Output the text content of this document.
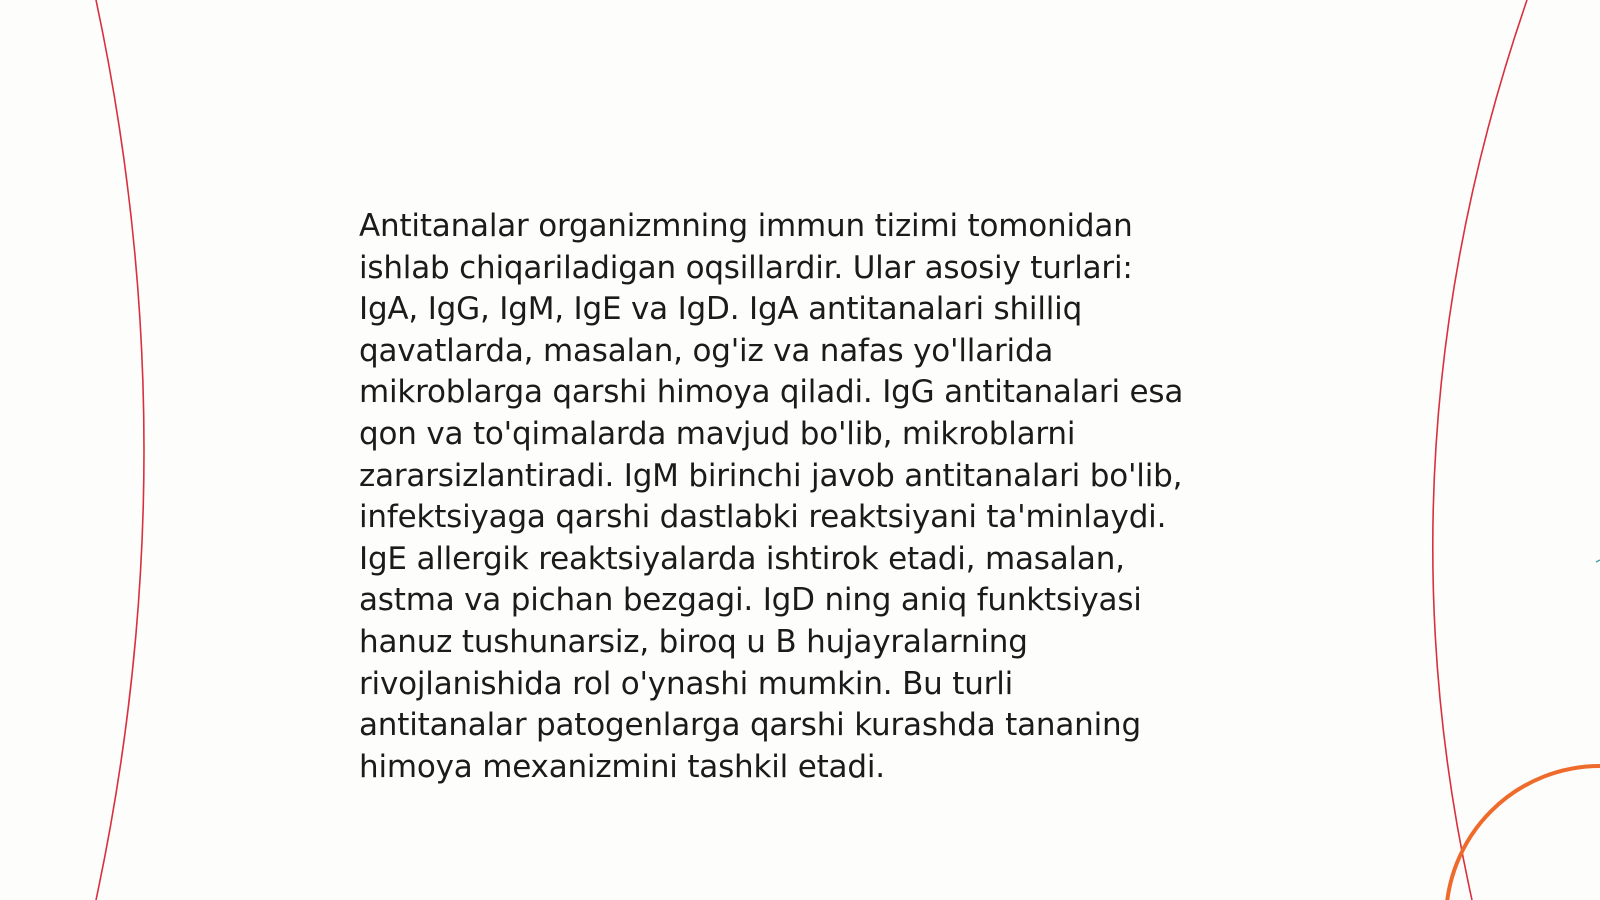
Antitanalar organizmning immun tizimi tomonidan
ishlab chiqariladigan oqsillardir. Ular asosiy turlari:
IgA, IgG, IgM, IgE va IgD. IgA antitanalari shilliq
qavatlarda, masalan, og'iz va nafas yo'llarida
mikroblarga qarshi himoya qiladi. IgG antitanalari esa
qon va to'qimalarda mavjud bo'lib, mikroblarni
zararsizlantiradi. IgM birinchi javob antitanalari bo'lib,
infektsiyaga qarshi dastlabki reaktsiyani ta'minlaydi.
IgE allergik reaktsiyalarda ishtirok etadi, masalan,
astma va pichan bezgagi. IgD ning aniq funktsiyasi
hanuz tushunarsiz, biroq u B hujayralarning
rivojlanishida rol o'ynashi mumkin. Bu turli
antitanalar patogenlarga qarshi kurashda tananing
himoya mexanizmini tashkil etadi.
